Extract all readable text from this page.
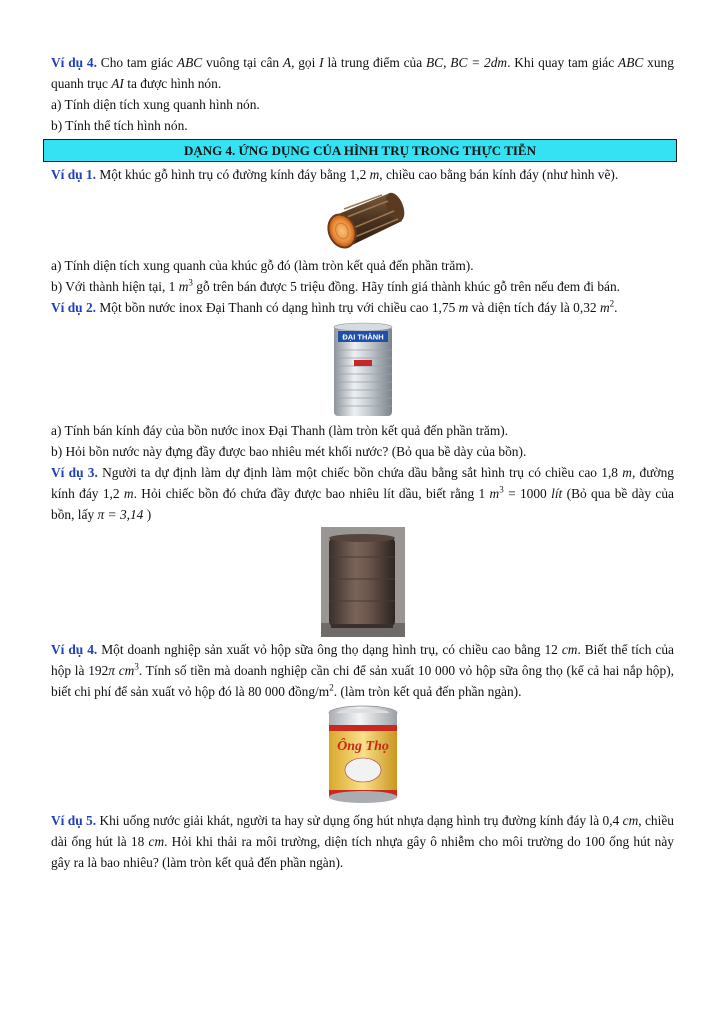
Ví dụ 4. Cho tam giác ABC vuông tại cân A, gọi I là trung điểm của BC, BC = 2dm. Khi quay tam giác ABC xung quanh trục AI ta được hình nón.

a) Tính diện tích xung quanh hình nón.

b) Tính thể tích hình nón.

DẠNG 4. ỨNG DỤNG CỦA HÌNH TRỤ TRONG THỰC TIỄN

Ví dụ 1. Một khúc gỗ hình trụ có đường kính đáy bằng 1,2 m, chiều cao bằng bán kính đáy (như hình vẽ).

a) Tính diện tích xung quanh của khúc gỗ đó (làm tròn kết quả đến phần trăm).

b) Với thành hiện tại, 1 $m^3$ gỗ trên bán được 5 triệu đồng. Hãy tính giá thành khúc gỗ trên nếu đem đi bán.

Ví dụ 2. Một bồn nước inox Đại Thanh có dạng hình trụ với chiều cao 1,75 m và diện tích đáy là 0,32 $m^2$.

ĐẠI THÀNH

a) Tính bán kính đáy của bồn nước inox Đại Thanh (làm tròn kết quả đến phần trăm).

b) Hỏi bồn nước này đựng đầy được bao nhiêu mét khối nước? (Bỏ qua bề dày của bồn).

Ví dụ 3. Người ta dự định làm dự định làm một chiếc bồn chứa dầu bằng sắt hình trụ có chiều cao 1,8 m, đường kính đáy 1,2 m. Hỏi chiếc bồn đó chứa đầy được bao nhiêu lít dầu, biết rằng 1 $m^3 = 1000$ lít (Bỏ qua bề dày của bồn, lấy π = 3,14 )

Ví dụ 4. Một doanh nghiệp sản xuất vỏ hộp sữa ông thọ dạng hình trụ, có chiều cao bằng 12 cm. Biết thể tích của hộp là 192π $cm^3$. Tính số tiền mà doanh nghiệp cần chi để sản xuất 10 000 vỏ hộp sữa ông thọ (kể cả hai nắp hộp), biết chi phí để sản xuất vỏ hộp đó là 80 000 đồng/$m^2$. (làm tròn kết quả đến phần ngàn).

Ông Thọ

Ví dụ 5. Khi uống nước giải khát, người ta hay sử dụng ống hút nhựa dạng hình trụ đường kính đáy là 0,4 cm, chiều dài ống hút là 18 cm. Hỏi khi thải ra môi trường, diện tích nhựa gây ô nhiễm cho môi trường do 100 ống hút này gây ra là bao nhiêu? (làm tròn kết quả đến phần ngàn).
